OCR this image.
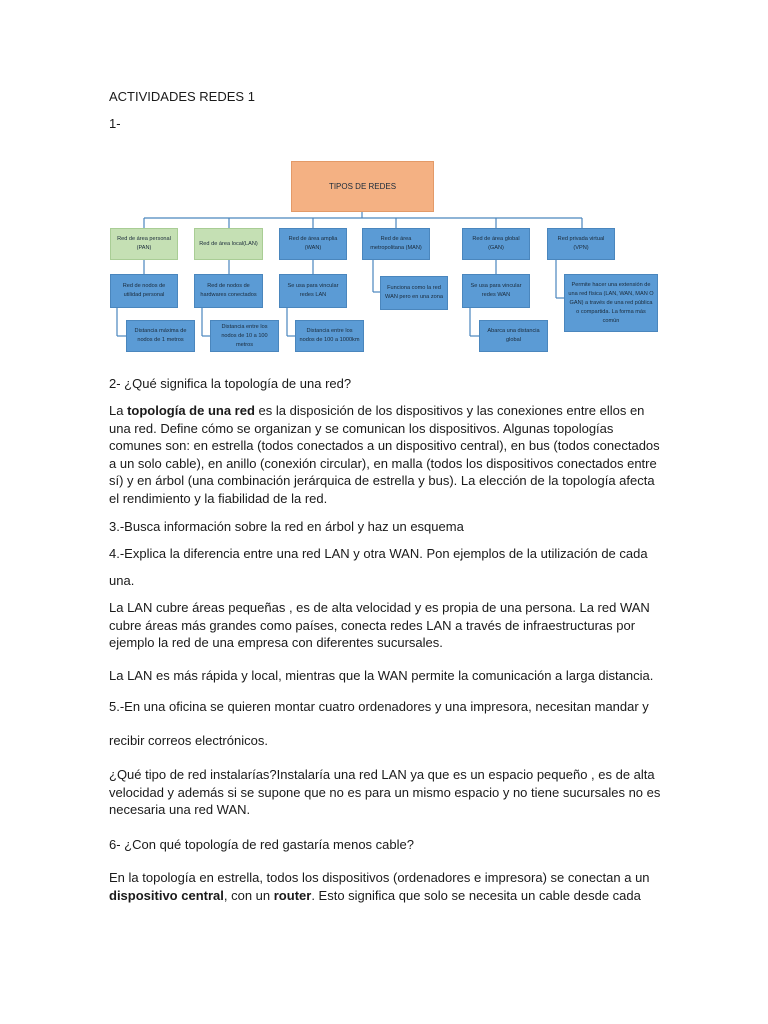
ACTIVIDADES REDES 1

1-

TIPOS DE REDES
Red de área personal (PAN)
Red de área local(LAN)
Red de área amplia (WAN)
Red de área metropolitana (MAN)
Red de área global (GAN)
Red privada virtual (VPN)
Red de nodos de utilidad personal
Red de nodos de hardwares conectados
Se usa para vincular redes LAN
Funciona como la red WAN pero en una zona
Se usa para vincular redes WAN
Permite hacer una extensión de una red física (LAN, WAN, MAN O GAN) a través de una red pública o compartida. La forma más común
Distancia máxima de nodos de 1 metros
Distancia entre los nodos de 10 a 100 metros
Distancia entre los nodos de 100 a 1000km
Abarca una distancia global

2- ¿Qué significa la topología de una red?

La topología de una red es la disposición de los dispositivos y las conexiones entre ellos en una red. Define cómo se organizan y se comunican los dispositivos. Algunas topologías comunes son: en estrella (todos conectados a un dispositivo central), en bus (todos conectados a un solo cable), en anillo (conexión circular), en malla (todos los dispositivos conectados entre sí) y en árbol (una combinación jerárquica de estrella y bus). La elección de la topología afecta el rendimiento y la fiabilidad de la red.

3.-Busca información sobre la red en árbol y haz un esquema

4.-Explica la diferencia entre una red LAN y otra WAN. Pon ejemplos de la utilización de cada

una.

La LAN cubre áreas pequeñas , es de alta velocidad y es propia de una persona. La red WAN cubre áreas más grandes como países, conecta redes LAN a través de infraestructuras por ejemplo la red de una empresa con diferentes sucursales.

La LAN es más rápida y local, mientras que la WAN permite la comunicación a larga distancia.

5.-En una oficina se quieren montar cuatro ordenadores y una impresora, necesitan mandar y

recibir correos electrónicos.

¿Qué tipo de red instalarías?Instalaría una red LAN ya que es un espacio pequeño , es de alta velocidad y además si se supone que no es para un mismo espacio y no tiene sucursales no es necesaria una red WAN.

6- ¿Con qué topología de red gastaría menos cable?

En la topología en estrella, todos los dispositivos (ordenadores e impresora) se conectan a un dispositivo central, con un router. Esto significa que solo se necesita un cable desde cada
